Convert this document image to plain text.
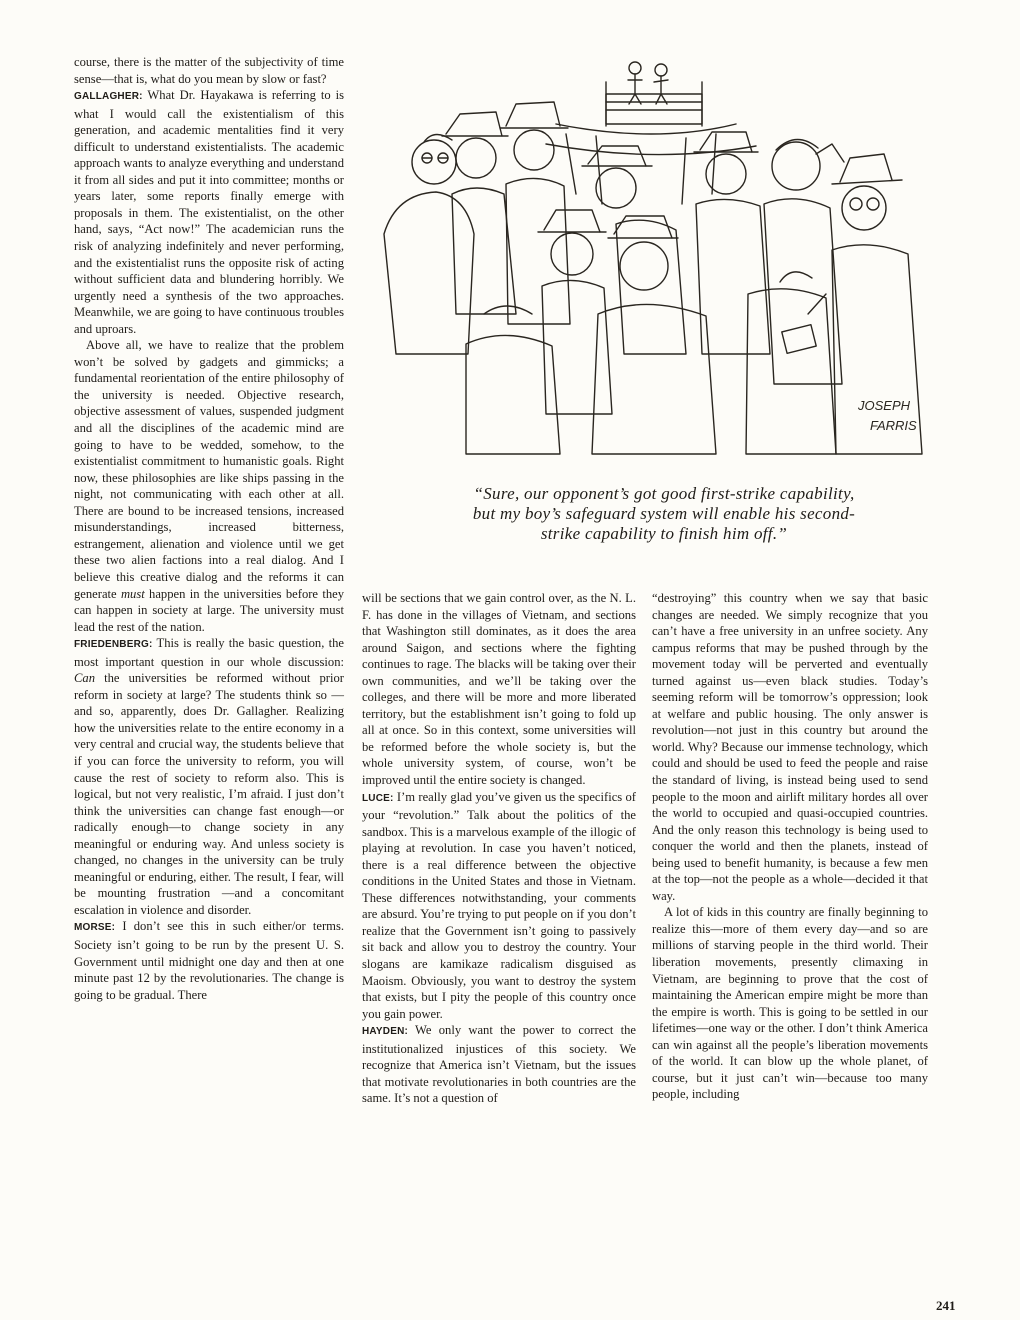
course, there is the matter of the subjectivity of time sense—that is, what do you mean by slow or fast?

GALLAGHER: What Dr. Hayakawa is referring to is what I would call the existentialism of this generation, and academic mentalities find it very difficult to understand existentialists. The academic approach wants to analyze everything and understand it from all sides and put it into committee; months or years later, some reports finally emerge with proposals in them. The existentialist, on the other hand, says, “Act now!” The academician runs the risk of analyzing indefinitely and never performing, and the existentialist runs the opposite risk of acting without sufficient data and blundering horribly. We urgently need a synthesis of the two approaches. Meanwhile, we are going to have continuous troubles and uproars.

Above all, we have to realize that the problem won’t be solved by gadgets and gimmicks; a fundamental reorientation of the entire philosophy of the university is needed. Objective research, objective assessment of values, suspended judgment and all the disciplines of the academic mind are going to have to be wedded, somehow, to the existentialist commitment to humanistic goals. Right now, these philosophies are like ships passing in the night, not communicating with each other at all. There are bound to be increased tensions, increased misunderstandings, increased bitterness, estrangement, alienation and violence until we get these two alien factions into a real dialog. And I believe this creative dialog and the reforms it can generate must happen in the universities before they can happen in society at large. The university must lead the rest of the nation.

FRIEDENBERG: This is really the basic question, the most important question in our whole discussion: Can the universities be reformed without prior reform in society at large? The students think so —and so, apparently, does Dr. Gallagher. Realizing how the universities relate to the entire economy in a very central and crucial way, the students believe that if you can force the university to reform, you will cause the rest of society to reform also. This is logical, but not very realistic, I’m afraid. I just don’t think the universities can change fast enough—or radically enough—to change society in any meaningful or enduring way. And unless society is changed, no changes in the university can be truly meaningful or enduring, either. The result, I fear, will be mounting frustration —and a concomitant escalation in violence and disorder.

MORSE: I don’t see this in such either/or terms. Society isn’t going to be run by the present U. S. Government until midnight one day and then at one minute past 12 by the revolutionaries. The change is going to be gradual. There

JOSEPH
FARRIS

“Sure, our opponent’s got good first-strike capability,

but my boy’s safeguard system will enable his second-

strike capability to finish him off.”

will be sections that we gain control over, as the N. L. F. has done in the villages of Vietnam, and sections that Washington still dominates, as it does the area around Saigon, and sections where the fighting continues to rage. The blacks will be taking over their own communities, and we’ll be taking over the colleges, and there will be more and more liberated territory, but the establishment isn’t going to fold up all at once. So in this context, some universities will be reformed before the whole society is, but the whole university system, of course, won’t be improved until the entire society is changed.

LUCE: I’m really glad you’ve given us the specifics of your “revolution.” Talk about the politics of the sandbox. This is a marvelous example of the illogic of playing at revolution. In case you haven’t noticed, there is a real difference between the objective conditions in the United States and those in Vietnam. These differences notwithstanding, your comments are absurd. You’re trying to put people on if you don’t realize that the Government isn’t going to passively sit back and allow you to destroy the country. Your slogans are kamikaze radicalism disguised as Maoism. Obviously, you want to destroy the system that exists, but I pity the people of this country once you gain power.

HAYDEN: We only want the power to correct the institutionalized injustices of this society. We recognize that America isn’t Vietnam, but the issues that motivate revolutionaries in both countries are the same. It’s not a question of

“destroying” this country when we say that basic changes are needed. We simply recognize that you can’t have a free university in an unfree society. Any campus reforms that may be pushed through by the movement today will be perverted and eventually turned against us—even black studies. Today’s seeming reform will be tomorrow’s oppression; look at welfare and public housing. The only answer is revolution—not just in this country but around the world. Why? Because our immense technology, which could and should be used to feed the people and raise the standard of living, is instead being used to send people to the moon and airlift military hordes all over the world to occupied and quasi-occupied countries. And the only reason this technology is being used to conquer the world and then the planets, instead of being used to benefit humanity, is because a few men at the top—not the people as a whole—decided it that way.

A lot of kids in this country are finally beginning to realize this—more of them every day—and so are millions of starving people in the third world. Their liberation movements, presently climaxing in Vietnam, are beginning to prove that the cost of maintaining the American empire might be more than the empire is worth. This is going to be settled in our lifetimes—one way or the other. I don’t think America can win against all the people’s liberation movements of the world. It can blow up the whole planet, of course, but it just can’t win—because too many people, including

241
